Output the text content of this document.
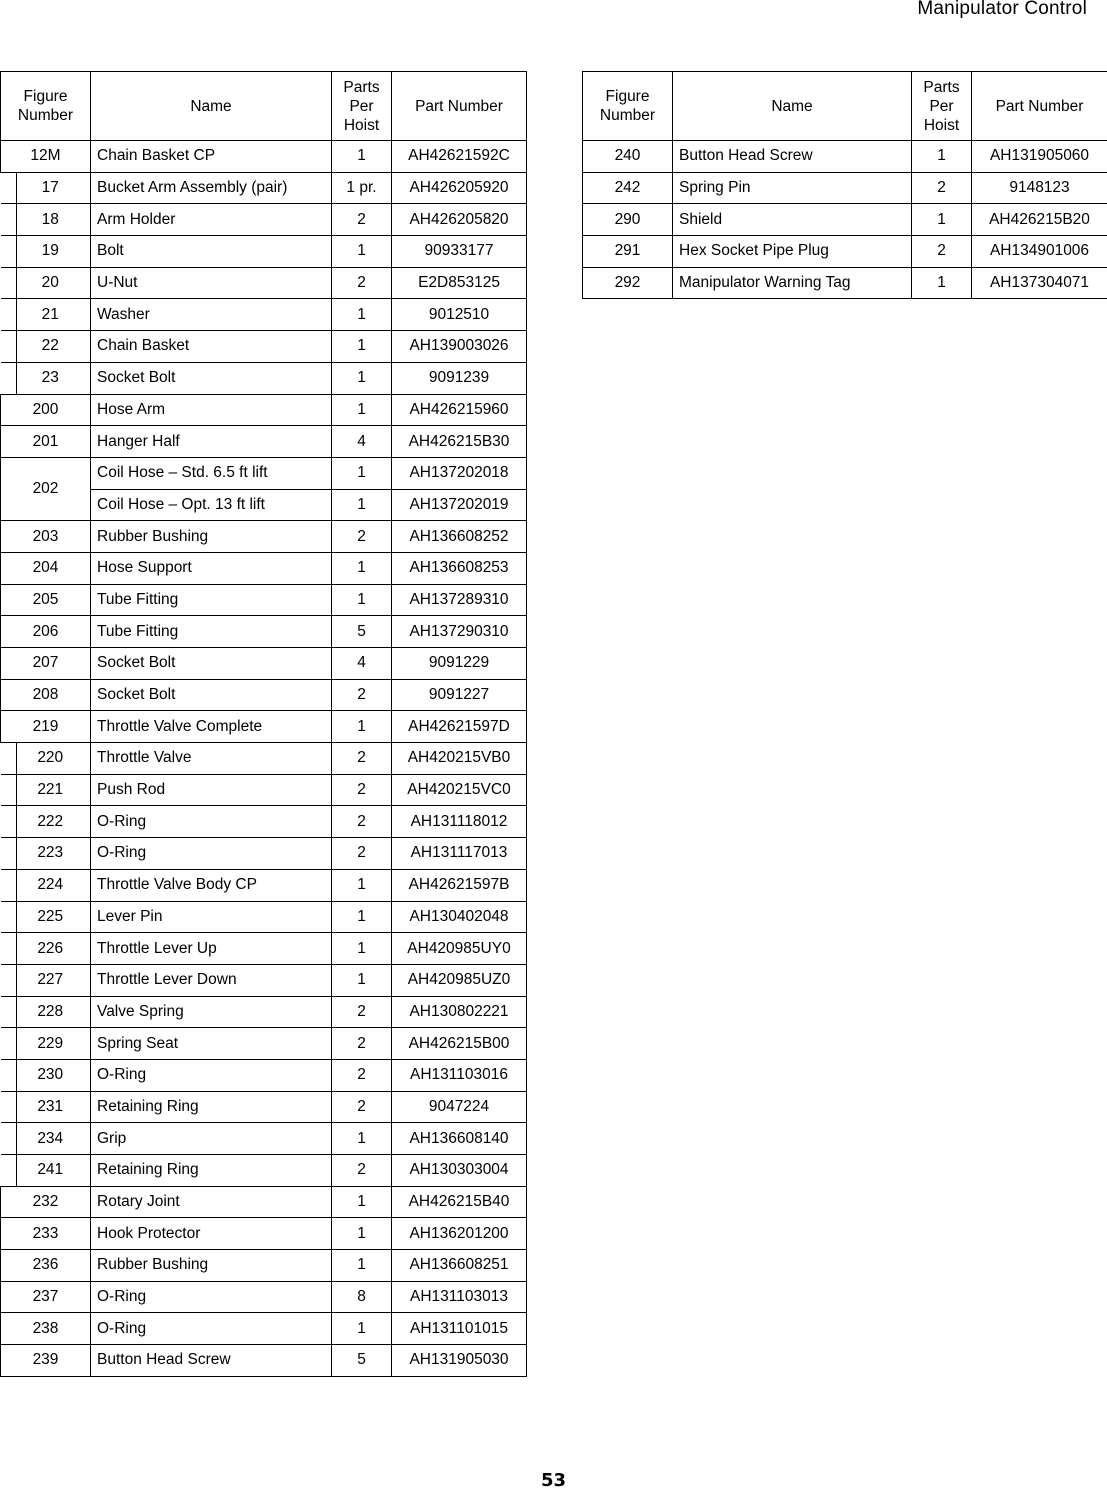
Manipulator Control
Figure Number	Name	Parts Per Hoist	Part Number
12M	Chain Basket CP	1	AH42621592C
17	Bucket Arm Assembly (pair)	1 pr.	AH426205920
18	Arm Holder	2	AH426205820
19	Bolt	1	90933177
20	U-Nut	2	E2D853125
21	Washer	1	9012510
22	Chain Basket	1	AH139003026
23	Socket Bolt	1	9091239
200	Hose Arm	1	AH426215960
201	Hanger Half	4	AH426215B30
202	Coil Hose – Std. 6.5 ft lift	1	AH137202018
	Coil Hose – Opt. 13 ft lift	1	AH137202019
203	Rubber Bushing	2	AH136608252
204	Hose Support	1	AH136608253
205	Tube Fitting	1	AH137289310
206	Tube Fitting	5	AH137290310
207	Socket Bolt	4	9091229
208	Socket Bolt	2	9091227
219	Throttle Valve Complete	1	AH42621597D
220	Throttle Valve	2	AH420215VB0
221	Push Rod	2	AH420215VC0
222	O-Ring	2	AH131118012
223	O-Ring	2	AH131117013
224	Throttle Valve Body CP	1	AH42621597B
225	Lever Pin	1	AH130402048
226	Throttle Lever Up	1	AH420985UY0
227	Throttle Lever Down	1	AH420985UZ0
228	Valve Spring	2	AH130802221
229	Spring Seat	2	AH426215B00
230	O-Ring	2	AH131103016
231	Retaining Ring	2	9047224
234	Grip	1	AH136608140
241	Retaining Ring	2	AH130303004
232	Rotary Joint	1	AH426215B40
233	Hook Protector	1	AH136201200
236	Rubber Bushing	1	AH136608251
237	O-Ring	8	AH131103013
238	O-Ring	1	AH131101015
239	Button Head Screw	5	AH131905030
Figure Number	Name	Parts Per Hoist	Part Number
240	Button Head Screw	1	AH131905060
242	Spring Pin	2	9148123
290	Shield	1	AH426215B20
291	Hex Socket Pipe Plug	2	AH134901006
292	Manipulator Warning Tag	1	AH137304071
53
